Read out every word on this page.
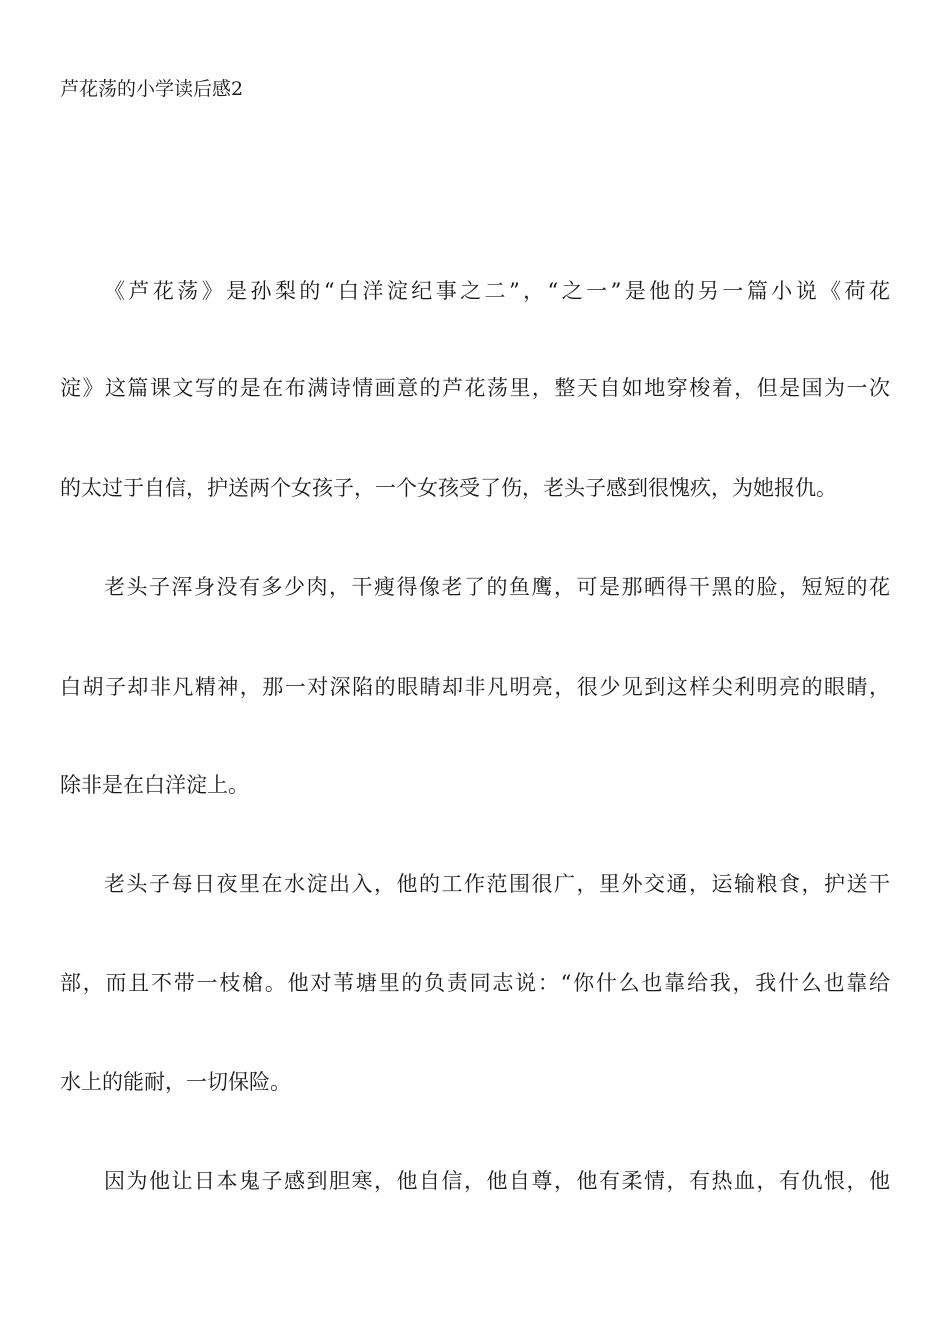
芦花荡的小学读后感2
《芦花荡》是孙梨的“白洋淀纪事之二”，“之一”是他的另一篇小说《荷花
淀》这篇课文写的是在布满诗情画意的芦花荡里，整天自如地穿梭着，但是国为一次
的太过于自信，护送两个女孩子，一个女孩受了伤，老头子感到很愧疚，为她报仇。
老头子浑身没有多少肉，干瘦得像老了的鱼鹰，可是那晒得干黑的脸，短短的花
白胡子却非凡精神，那一对深陷的眼睛却非凡明亮，很少见到这样尖利明亮的眼睛，
除非是在白洋淀上。
老头子每日夜里在水淀出入，他的工作范围很广，里外交通，运输粮食，护送干
部，而且不带一枝槍。他对苇塘里的负责同志说：“你什么也靠给我，我什么也靠给
水上的能耐，一切保险。
因为他让日本鬼子感到胆寒，他自信，他自尊，他有柔情，有热血，有仇恨，他
